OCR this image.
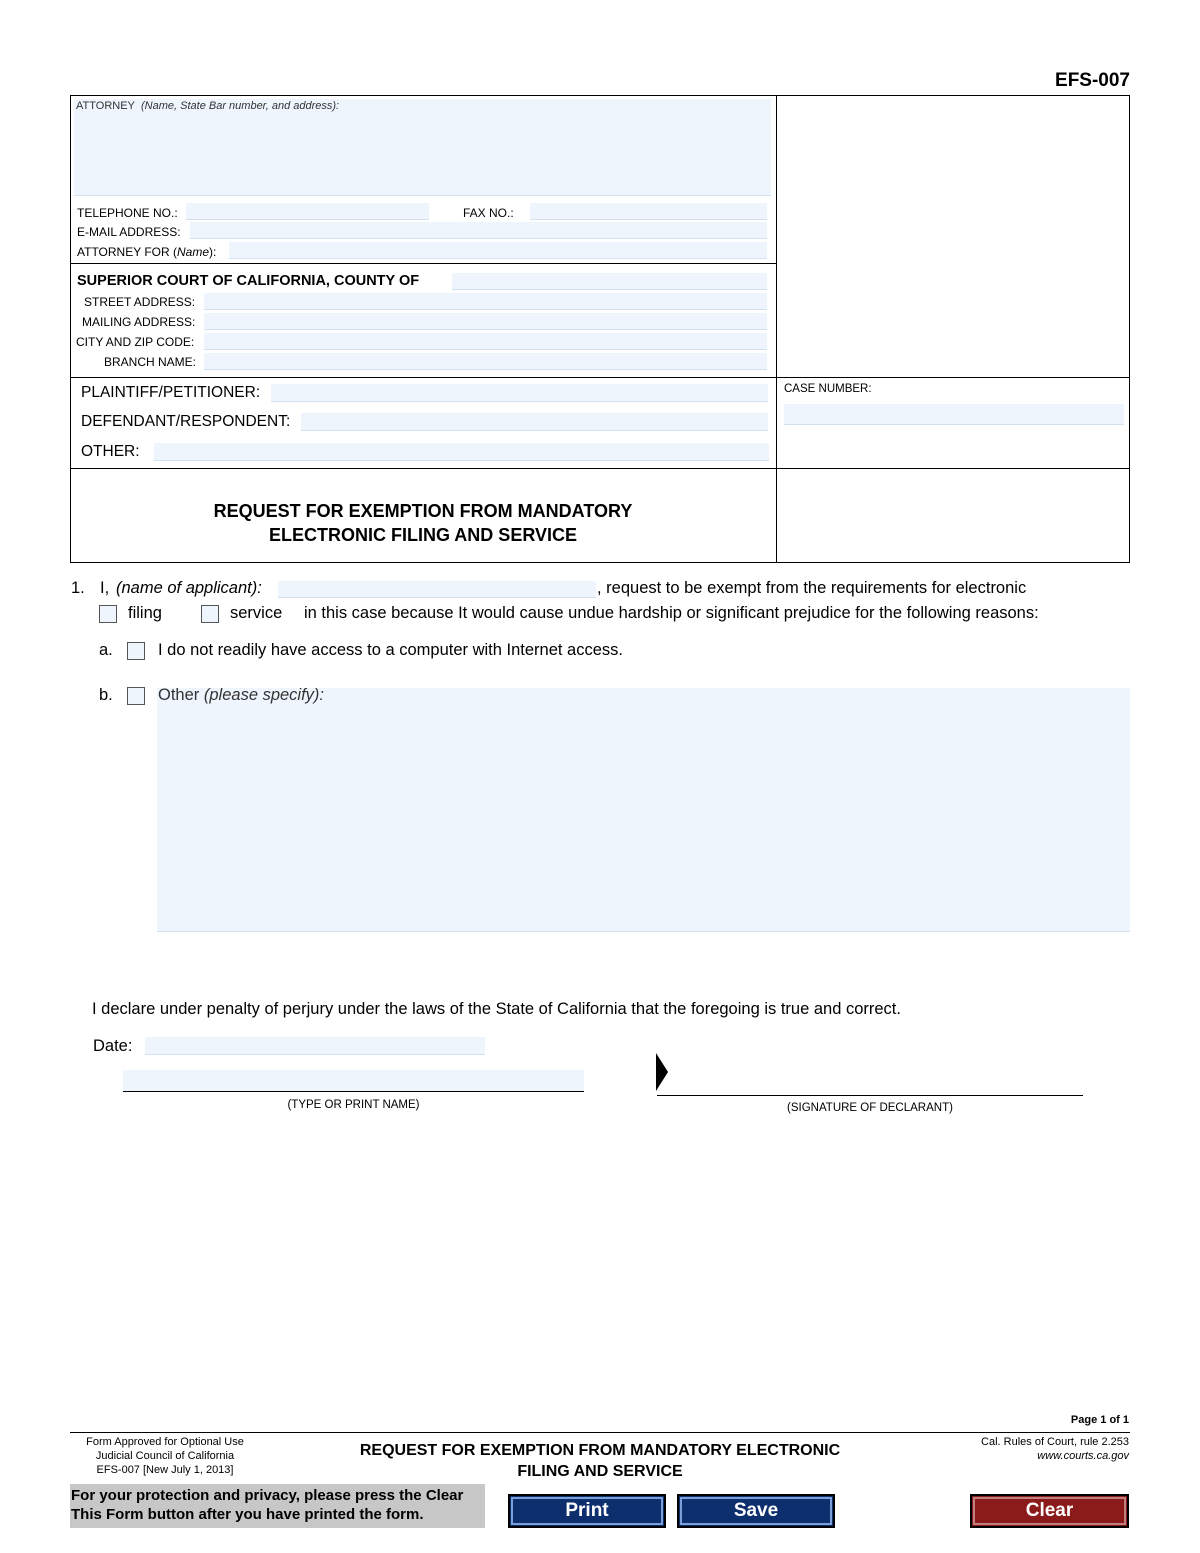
EFS-007
ATTORNEY (Name, State Bar number, and address):
TELEPHONE NO.:	FAX NO.:
E-MAIL ADDRESS:
ATTORNEY FOR (Name):
SUPERIOR COURT OF CALIFORNIA, COUNTY OF
STREET ADDRESS:
MAILING ADDRESS:
CITY AND ZIP CODE:
BRANCH NAME:
PLAINTIFF/PETITIONER:
DEFENDANT/RESPONDENT:
OTHER:
CASE NUMBER:
REQUEST FOR EXEMPTION FROM MANDATORY
ELECTRONIC FILING AND SERVICE
1. I, (name of applicant):	, request to be exempt from the requirements for electronic
filing	service in this case because It would cause undue hardship or significant prejudice for the following reasons:
a.	I do not readily have access to a computer with Internet access.
b.	Other (please specify):
I declare under penalty of perjury under the laws of the State of California that the foregoing is true and correct.
Date:
(TYPE OR PRINT NAME)	(SIGNATURE OF DECLARANT)
Page 1 of 1
Form Approved for Optional Use
Judicial Council of California
EFS-007 [New July 1, 2013]
REQUEST FOR EXEMPTION FROM MANDATORY ELECTRONIC
FILING AND SERVICE
Cal. Rules of Court, rule 2.253
www.courts.ca.gov
For your protection and privacy, please press the Clear
This Form button after you have printed the form.	Print	Save	Clear
